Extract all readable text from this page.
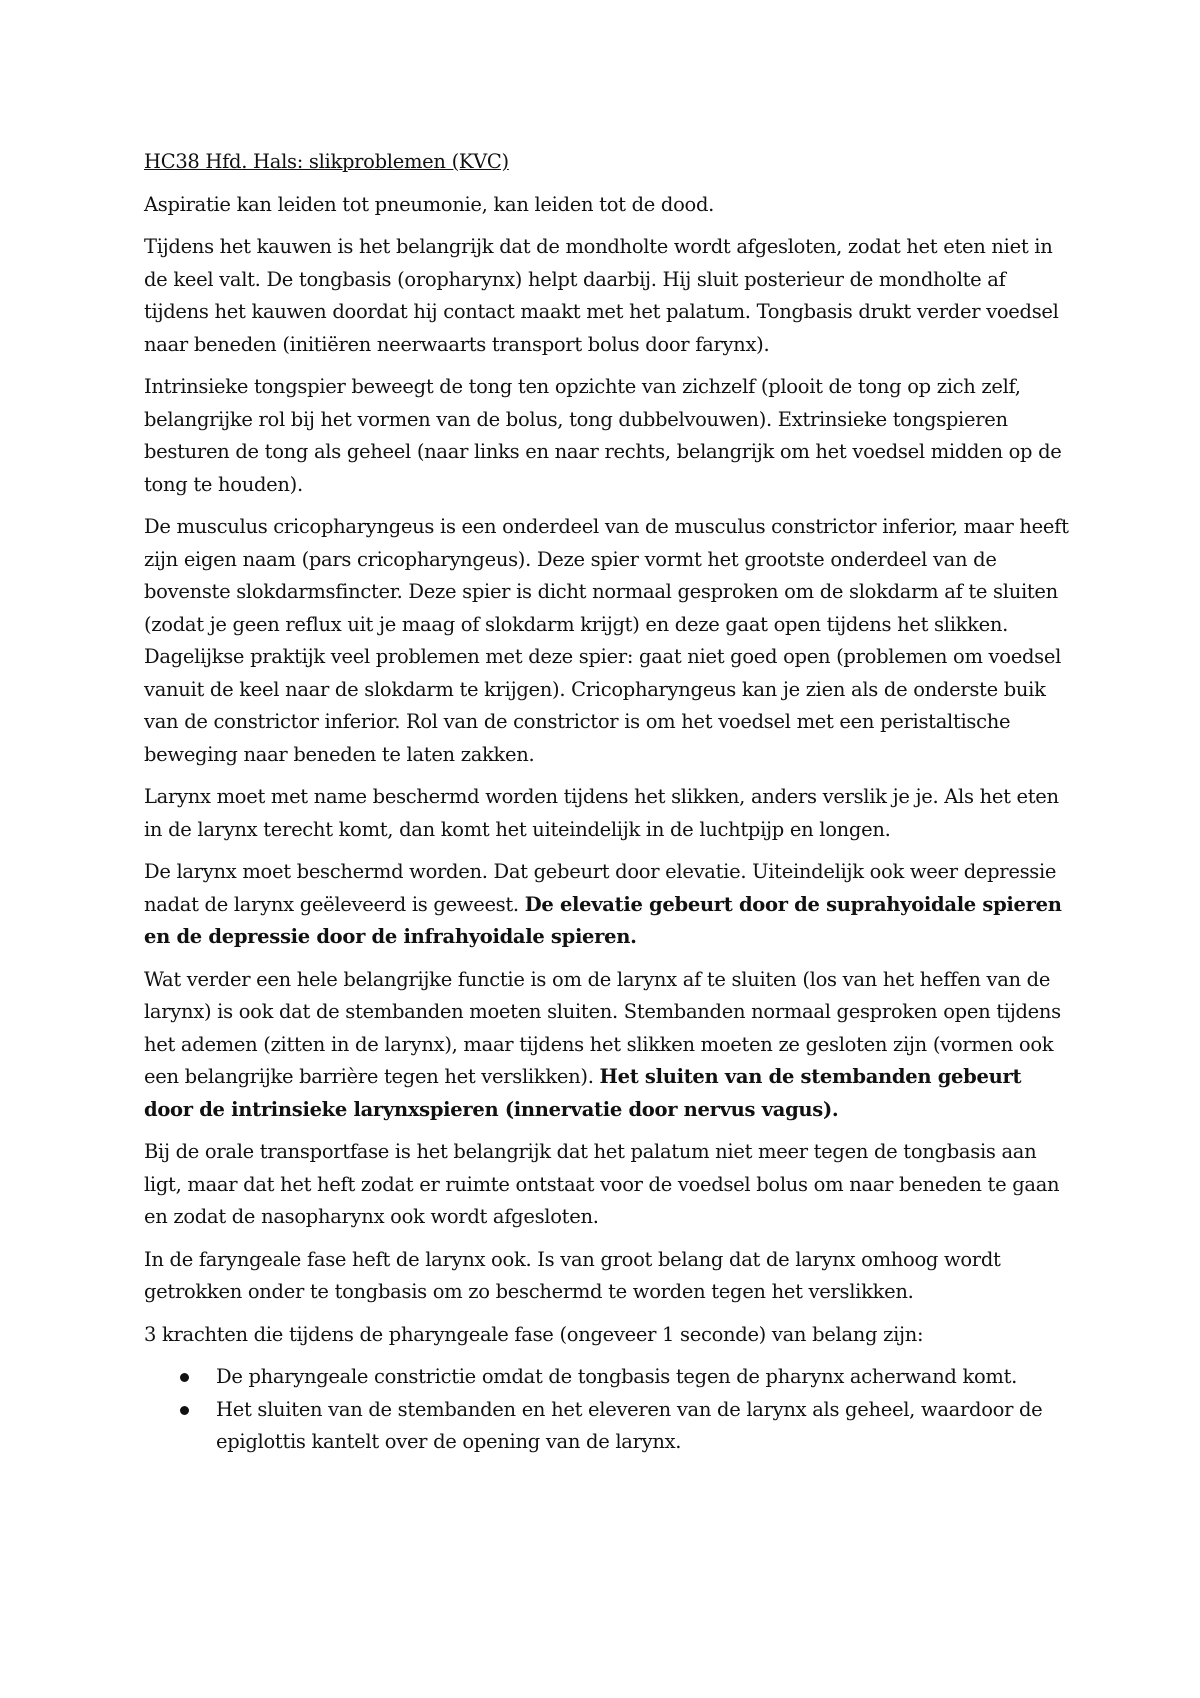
HC38 Hfd. Hals: slikproblemen (KVC)

Aspiratie kan leiden tot pneumonie, kan leiden tot de dood.

Tijdens het kauwen is het belangrijk dat de mondholte wordt afgesloten, zodat het eten niet in de keel valt. De tongbasis (oropharynx) helpt daarbij. Hij sluit posterieur de mondholte af tijdens het kauwen doordat hij contact maakt met het palatum. Tongbasis drukt verder voedsel naar beneden (initiëren neerwaarts transport bolus door farynx).

Intrinsieke tongspier beweegt de tong ten opzichte van zichzelf (plooit de tong op zich zelf, belangrijke rol bij het vormen van de bolus, tong dubbelvouwen). Extrinsieke tongspieren besturen de tong als geheel (naar links en naar rechts, belangrijk om het voedsel midden op de tong te houden).

De musculus cricopharyngeus is een onderdeel van de musculus constrictor inferior, maar heeft zijn eigen naam (pars cricopharyngeus). Deze spier vormt het grootste onderdeel van de bovenste slokdarmsfincter. Deze spier is dicht normaal gesproken om de slokdarm af te sluiten (zodat je geen reflux uit je maag of slokdarm krijgt) en deze gaat open tijdens het slikken. Dagelijkse praktijk veel problemen met deze spier: gaat niet goed open (problemen om voedsel vanuit de keel naar de slokdarm te krijgen). Cricopharyngeus kan je zien als de onderste buik van de constrictor inferior. Rol van de constrictor is om het voedsel met een peristaltische beweging naar beneden te laten zakken.

Larynx moet met name beschermd worden tijdens het slikken, anders verslik je je. Als het eten in de larynx terecht komt, dan komt het uiteindelijk in de luchtpijp en longen.

De larynx moet beschermd worden. Dat gebeurt door elevatie. Uiteindelijk ook weer depressie nadat de larynx geëleveerd is geweest. De elevatie gebeurt door de suprahyoidale spieren en de depressie door de infrahyoidale spieren.

Wat verder een hele belangrijke functie is om de larynx af te sluiten (los van het heffen van de larynx) is ook dat de stembanden moeten sluiten. Stembanden normaal gesproken open tijdens het ademen (zitten in de larynx), maar tijdens het slikken moeten ze gesloten zijn (vormen ook een belangrijke barrière tegen het verslikken). Het sluiten van de stembanden gebeurt door de intrinsieke larynxspieren (innervatie door nervus vagus).

Bij de orale transportfase is het belangrijk dat het palatum niet meer tegen de tongbasis aan ligt, maar dat het heft zodat er ruimte ontstaat voor de voedsel bolus om naar beneden te gaan en zodat de nasopharynx ook wordt afgesloten.

In de faryngeale fase heft de larynx ook. Is van groot belang dat de larynx omhoog wordt getrokken onder te tongbasis om zo beschermd te worden tegen het verslikken.

3 krachten die tijdens de pharyngeale fase (ongeveer 1 seconde) van belang zijn:

De pharyngeale constrictie omdat de tongbasis tegen de pharynx acherwand komt.
Het sluiten van de stembanden en het eleveren van de larynx als geheel, waardoor de epiglottis kantelt over de opening van de larynx.
